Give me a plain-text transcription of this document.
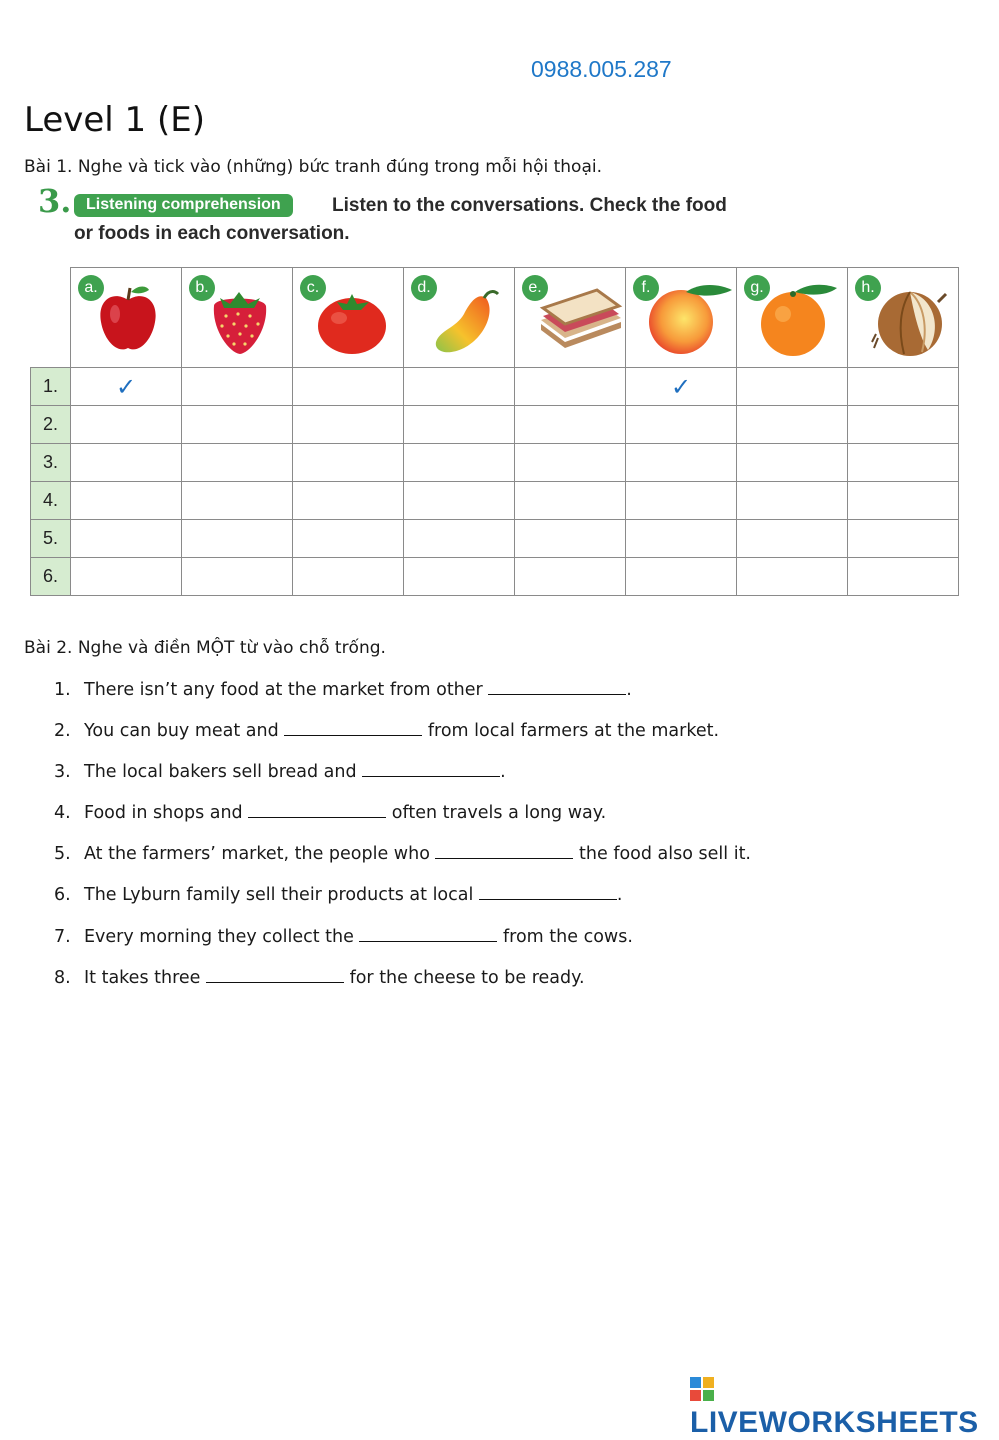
0988.005.287
Level 1 (E)
Bài 1. Nghe và tick vào (những) bức tranh đúng trong mỗi hội thoại.
3. Listening comprehension	Listen to the conversations. Check the food
or foods in each conversation.

	a.	b.	c.	d.	e.	f.	g.	h.

1.	✓					✓		
2.								
3.								
4.								
5.								
6.								
Bài 2. Nghe và điền MỘT từ vào chỗ trống.
1. There isn’t any food at the market from other	.
2. You can buy meat and	from local farmers at the market.
3. The local bakers sell bread and	.
4. Food in shops and	often travels a long way.
5. At the farmers’ market, the people who	the food also sell it.
6. The Lyburn family sell their products at local	.
7. Every morning they collect the	from the cows.
8. It takes three	for the cheese to be ready.
LIVEWORKSHEETS
